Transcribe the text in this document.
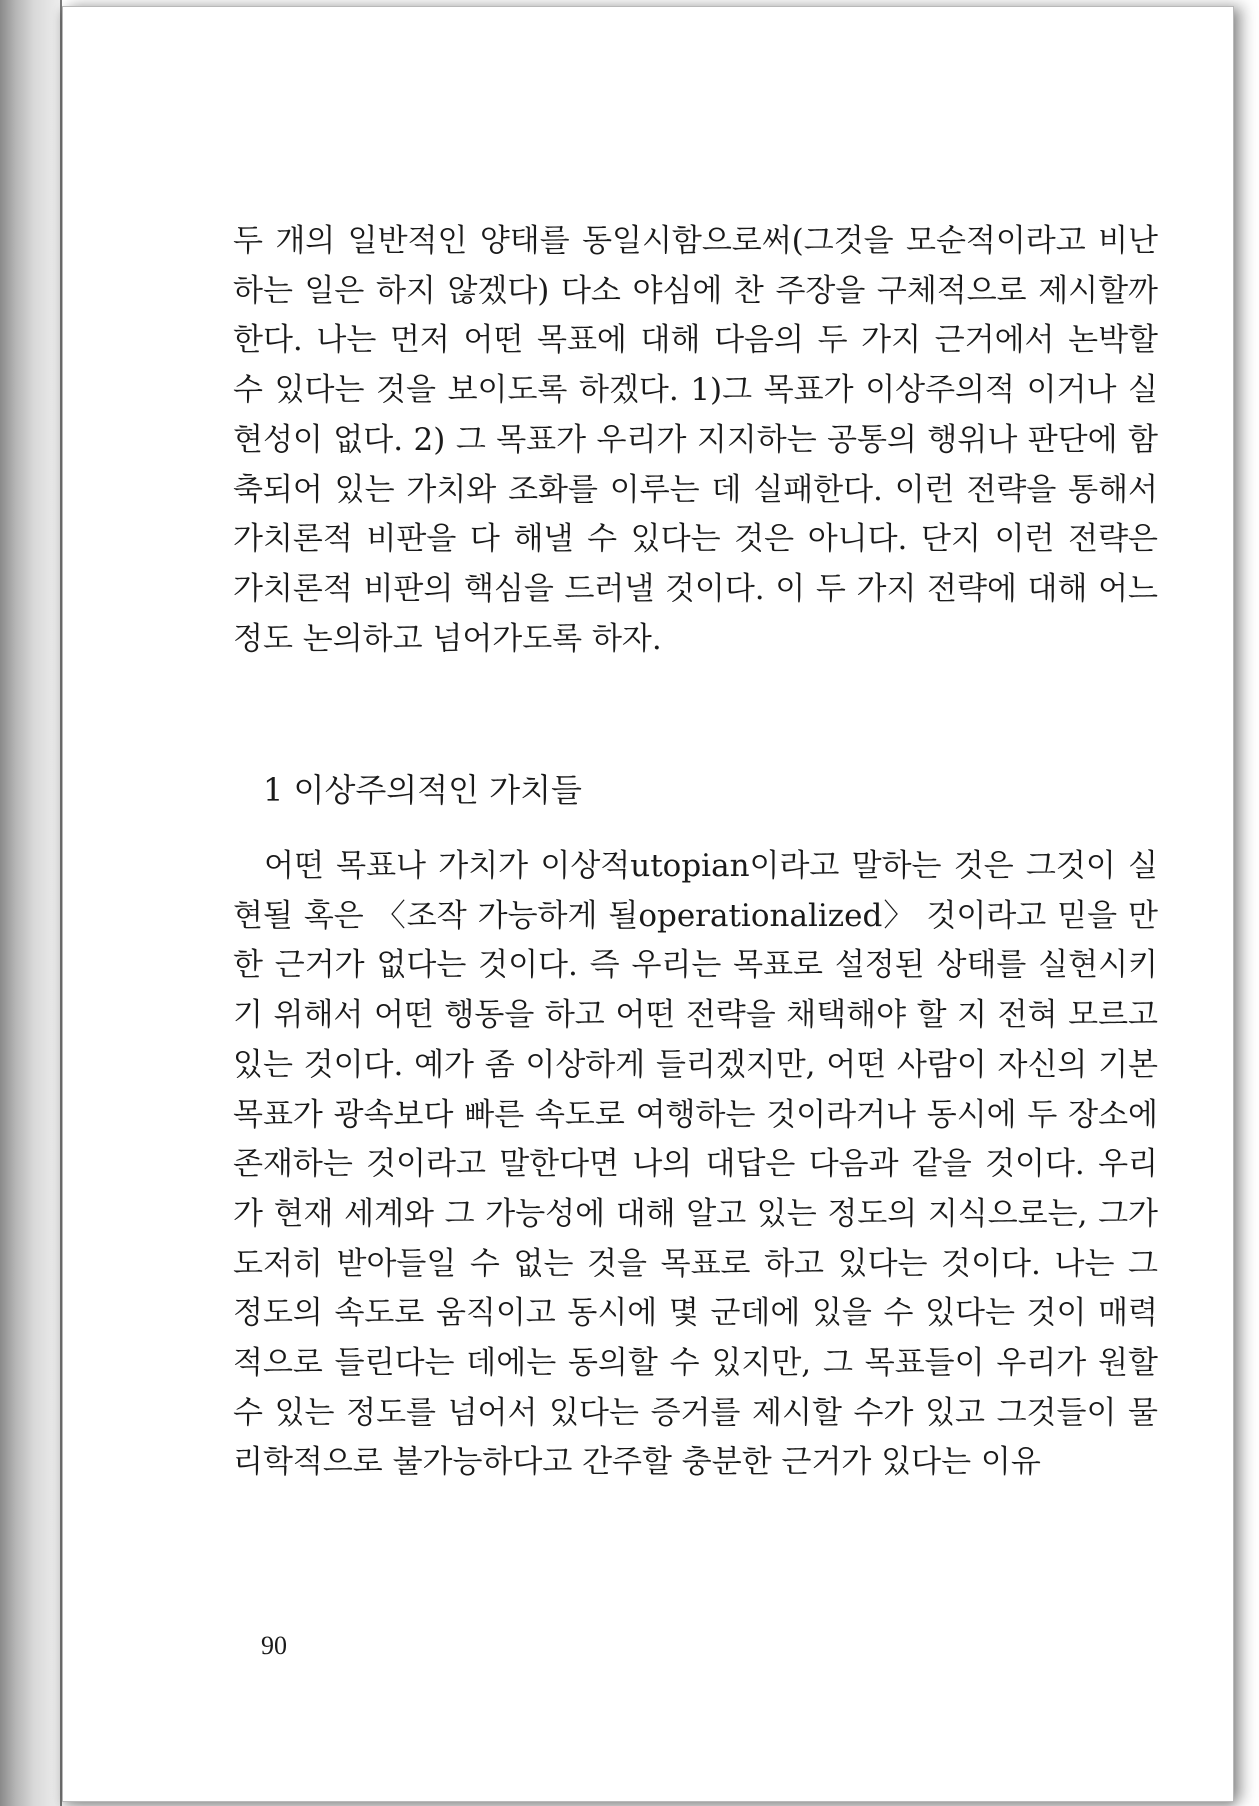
두 개의 일반적인 양태를 동일시함으로써(그것을 모순적이라고 비난하는 일은 하지 않겠다) 다소 야심에 찬 주장을 구체적으로 제시할까 한다. 나는 먼저 어떤 목표에 대해 다음의 두 가지 근거에서 논박할 수 있다는 것을 보이도록 하겠다. 1)그 목표가 이상주의적 이거나 실현성이 없다. 2) 그 목표가 우리가 지지하는 공통의 행위나 판단에 함축되어 있는 가치와 조화를 이루는 데 실패한다. 이런 전략을 통해서 가치론적 비판을 다 해낼 수 있다는 것은 아니다. 단지 이런 전략은 가치론적 비판의 핵심을 드러낼 것이다. 이 두 가지 전략에 대해 어느 정도 논의하고 넘어가도록 하자.

1 이상주의적인 가치들

어떤 목표나 가치가 이상적utopian이라고 말하는 것은 그것이 실현될 혹은 〈조작 가능하게 될operationalized〉 것이라고 믿을 만한 근거가 없다는 것이다. 즉 우리는 목표로 설정된 상태를 실현시키기 위해서 어떤 행동을 하고 어떤 전략을 채택해야 할 지 전혀 모르고 있는 것이다. 예가 좀 이상하게 들리겠지만, 어떤 사람이 자신의 기본 목표가 광속보다 빠른 속도로 여행하는 것이라거나 동시에 두 장소에 존재하는 것이라고 말한다면 나의 대답은 다음과 같을 것이다. 우리가 현재 세계와 그 가능성에 대해 알고 있는 정도의 지식으로는, 그가 도저히 받아들일 수 없는 것을 목표로 하고 있다는 것이다. 나는 그 정도의 속도로 움직이고 동시에 몇 군데에 있을 수 있다는 것이 매력적으로 들린다는 데에는 동의할 수 있지만, 그 목표들이 우리가 원할 수 있는 정도를 넘어서 있다는 증거를 제시할 수가 있고 그것들이 물리학적으로 불가능하다고 간주할 충분한 근거가 있다는 이유

90
